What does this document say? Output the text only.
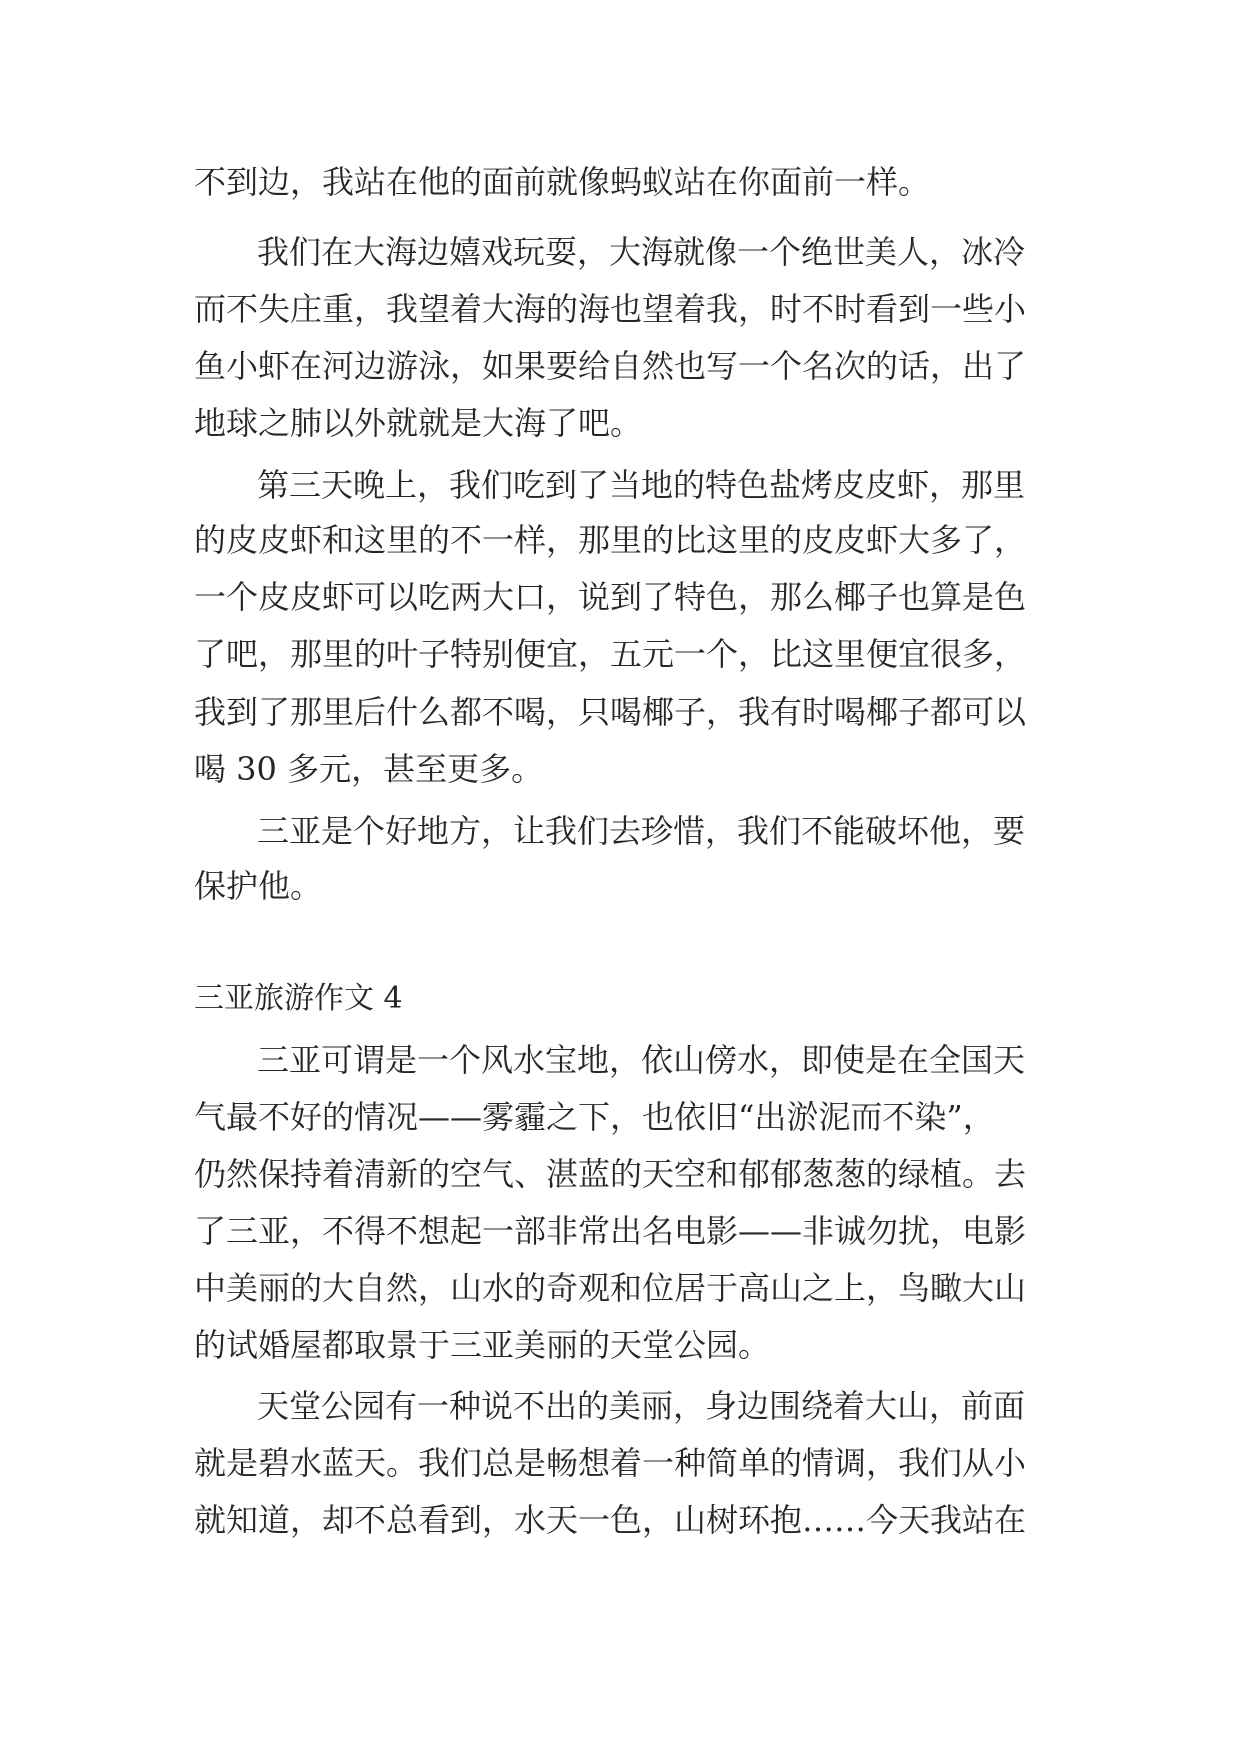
不到边，我站在他的面前就像蚂蚁站在你面前一样。
我们在大海边嬉戏玩耍，大海就像一个绝世美人，冰冷
而不失庄重，我望着大海的海也望着我，时不时看到一些小
鱼小虾在河边游泳，如果要给自然也写一个名次的话，出了
地球之肺以外就就是大海了吧。
第三天晚上，我们吃到了当地的特色盐烤皮皮虾，那里
的皮皮虾和这里的不一样，那里的比这里的皮皮虾大多了，
一个皮皮虾可以吃两大口，说到了特色，那么椰子也算是色
了吧，那里的叶子特别便宜，五元一个，比这里便宜很多，
我到了那里后什么都不喝，只喝椰子，我有时喝椰子都可以
喝 30 多元，甚至更多。
三亚是个好地方，让我们去珍惜，我们不能破坏他，要
保护他。
三亚旅游作文 4
三亚可谓是一个风水宝地，依山傍水，即使是在全国天
气最不好的情况——雾霾之下，也依旧“出淤泥而不染”，
仍然保持着清新的空气、湛蓝的天空和郁郁葱葱的绿植。去
了三亚，不得不想起一部非常出名电影——非诚勿扰，电影
中美丽的大自然，山水的奇观和位居于高山之上，鸟瞰大山
的试婚屋都取景于三亚美丽的天堂公园。
天堂公园有一种说不出的美丽，身边围绕着大山，前面
就是碧水蓝天。我们总是畅想着一种简单的情调，我们从小
就知道，却不总看到，水天一色，山树环抱……今天我站在
